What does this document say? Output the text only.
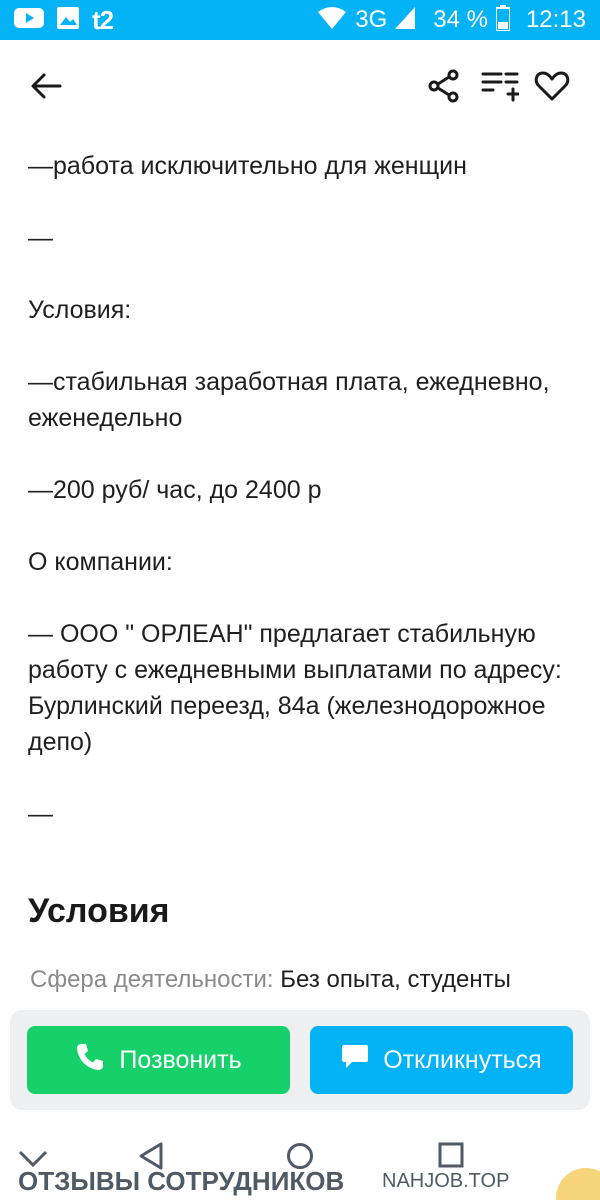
t2	3G 34 % 12:13
—работа исключительно для женщин
—
Условия:
—стабильная заработная плата, ежедневно, еженедельно
—200 руб/ час, до 2400 р
О компании:
— ООО " ОРЛЕАН" предлагает стабильную работу с ежедневными выплатами по адресу: Бурлинский переезд, 84а (железнодорожное депо)
—
Условия
Сфера деятельности: Без опыта, студенты
Позвонить	Откликнуться
ОТЗЫВЫ СОТРУДНИКОВ NAHJOB.TOP
